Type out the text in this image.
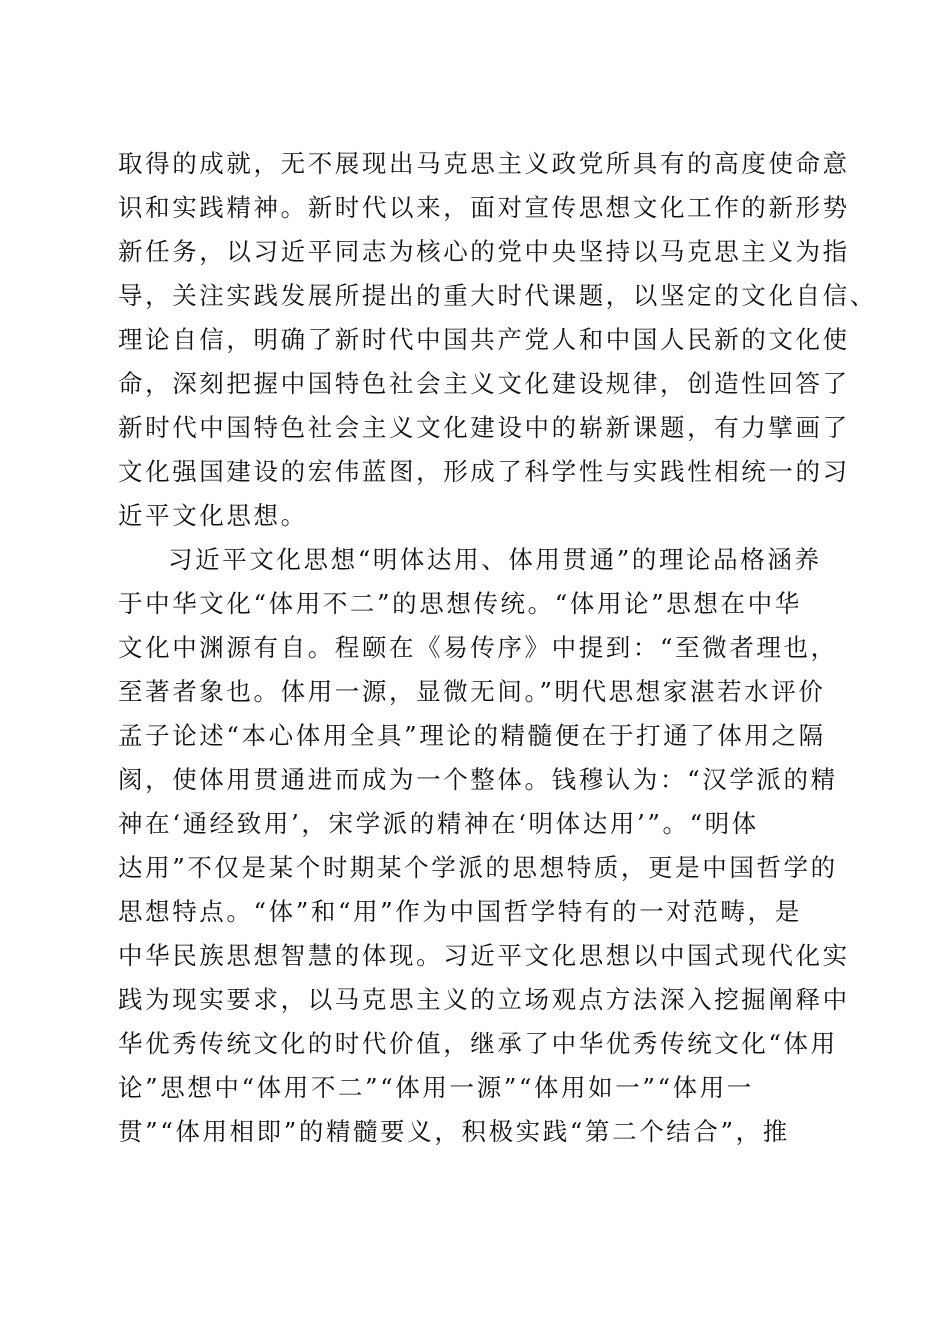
取得的成就，无不展现出马克思主义政党所具有的高度使命意
识和实践精神。新时代以来，面对宣传思想文化工作的新形势
新任务，以习近平同志为核心的党中央坚持以马克思主义为指
导，关注实践发展所提出的重大时代课题，以坚定的文化自信、
理论自信，明确了新时代中国共产党人和中国人民新的文化使
命，深刻把握中国特色社会主义文化建设规律，创造性回答了
新时代中国特色社会主义文化建设中的崭新课题，有力擘画了
文化强国建设的宏伟蓝图，形成了科学性与实践性相统一的习
近平文化思想。
习近平文化思想“明体达用、体用贯通”的理论品格涵养
于中华文化“体用不二”的思想传统。“体用论”思想在中华
文化中渊源有自。程颐在《易传序》中提到：“至微者理也，
至著者象也。体用一源，显微无间。”明代思想家湛若水评价
孟子论述“本心体用全具”理论的精髓便在于打通了体用之隔
阂，使体用贯通进而成为一个整体。钱穆认为：“汉学派的精
神在‘通经致用’，宋学派的精神在‘明体达用’”。“明体
达用”不仅是某个时期某个学派的思想特质，更是中国哲学的
思想特点。“体”和“用”作为中国哲学特有的一对范畴，是
中华民族思想智慧的体现。习近平文化思想以中国式现代化实
践为现实要求，以马克思主义的立场观点方法深入挖掘阐释中
华优秀传统文化的时代价值，继承了中华优秀传统文化“体用
论”思想中“体用不二”“体用一源”“体用如一”“体用一
贯”“体用相即”的精髓要义，积极实践“第二个结合”，推
